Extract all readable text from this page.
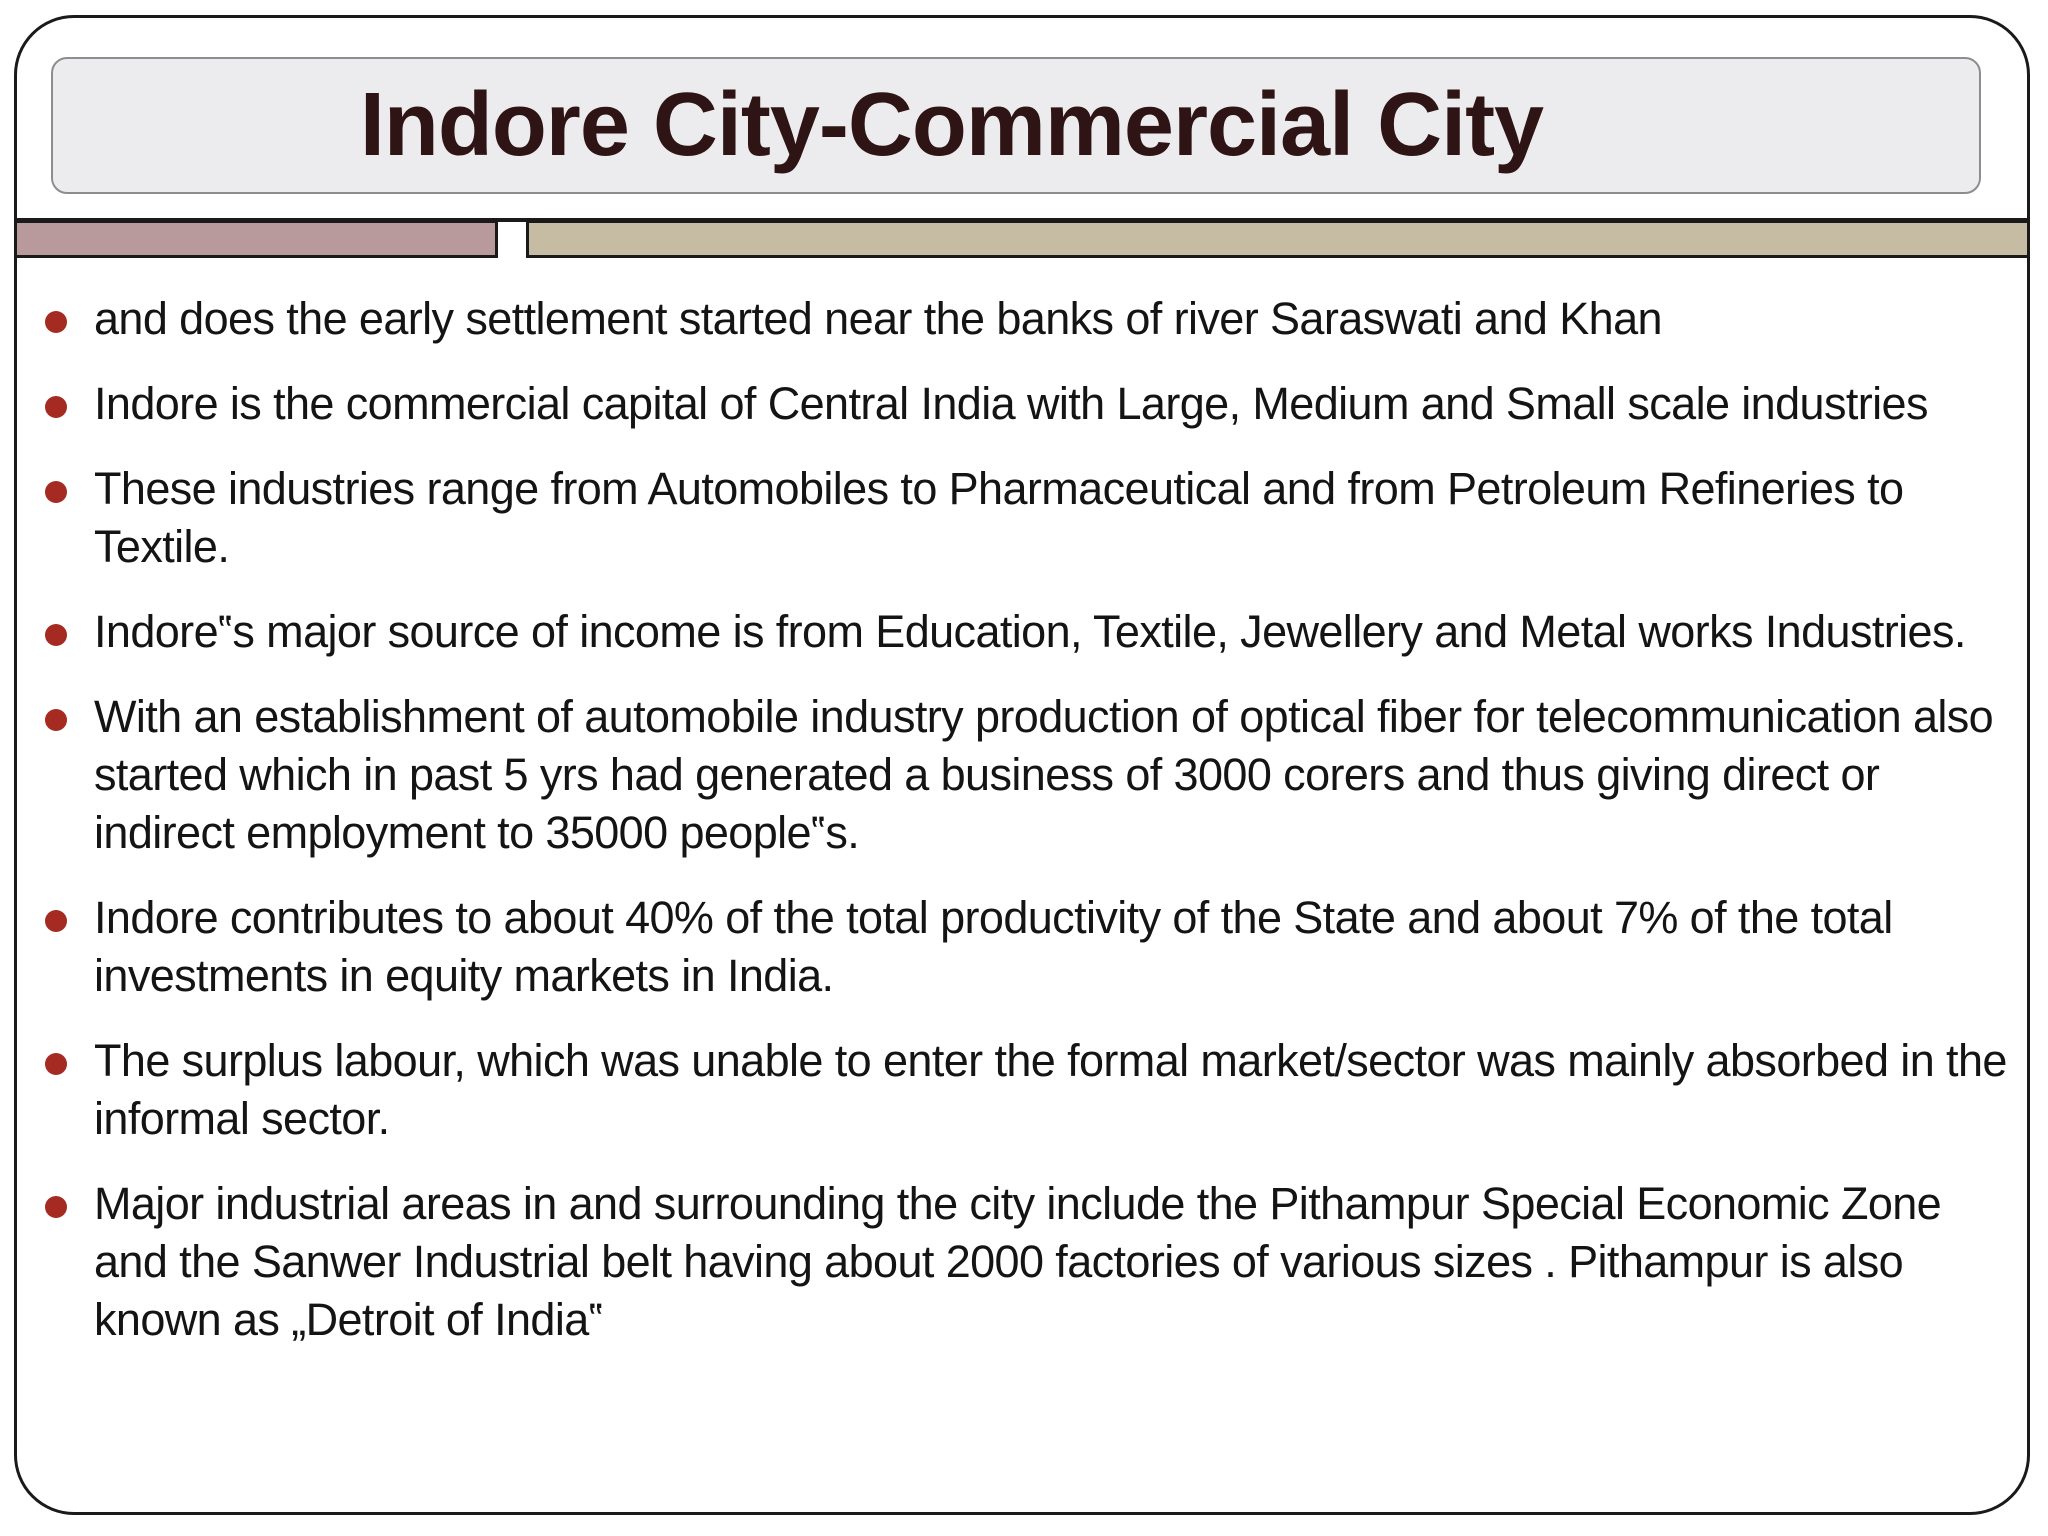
Indore City-Commercial City
and does the early settlement started near the banks of river Saraswati and Khan
Indore is the commercial capital of Central India with Large, Medium and Small scale industries
These industries range from Automobiles to Pharmaceutical and from Petroleum Refineries to Textile.
Indore‟s major source of income is from Education, Textile, Jewellery and Metal works Industries.
With an establishment of automobile industry production of optical fiber for telecommunication also started which in past 5 yrs had generated a business of 3000 corers and thus giving direct or indirect employment to 35000 people‟s.
Indore contributes to about 40% of the total productivity of the State and about 7% of the total investments in equity markets in India.
The surplus labour, which was unable to enter the formal market/sector was mainly absorbed in the informal sector.
Major industrial areas in and surrounding the city include the Pithampur Special Economic Zone and the Sanwer Industrial belt having about 2000 factories of various sizes . Pithampur is also known as „Detroit of India‟
